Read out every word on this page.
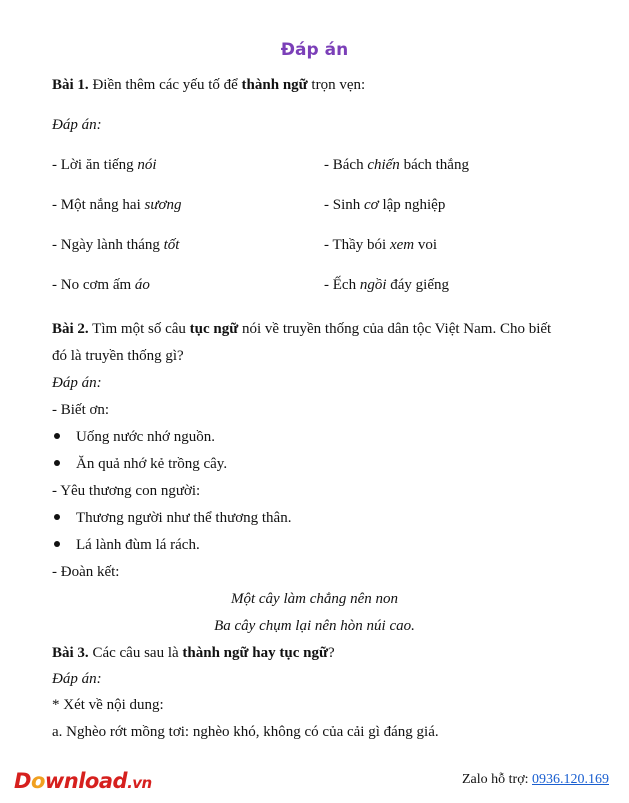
Đáp án
Bài 1. Điền thêm các yếu tố để thành ngữ trọn vẹn:
Đáp án:
- Lời ăn tiếng nói
- Một nắng hai sương
- Ngày lành tháng tốt
- No cơm ấm áo
- Bách chiến bách thắng
- Sinh cơ lập nghiệp
- Thầy bói xem voi
- Ếch ngồi đáy giếng
Bài 2. Tìm một số câu tục ngữ nói về truyền thống của dân tộc Việt Nam. Cho biết
đó là truyền thống gì?
Đáp án:
- Biết ơn:
Uống nước nhớ nguồn.
Ăn quả nhớ kẻ trồng cây.
- Yêu thương con người:
Thương người như thể thương thân.
Lá lành đùm lá rách.
- Đoàn kết:
Một cây làm chẳng nên non
Ba cây chụm lại nên hòn núi cao.
Bài 3. Các câu sau là thành ngữ hay tục ngữ?
Đáp án:
* Xét về nội dung:
a. Nghèo rớt mồng tơi: nghèo khó, không có của cải gì đáng giá.
Download.vn	Zalo hỗ trợ: 0936.120.169
